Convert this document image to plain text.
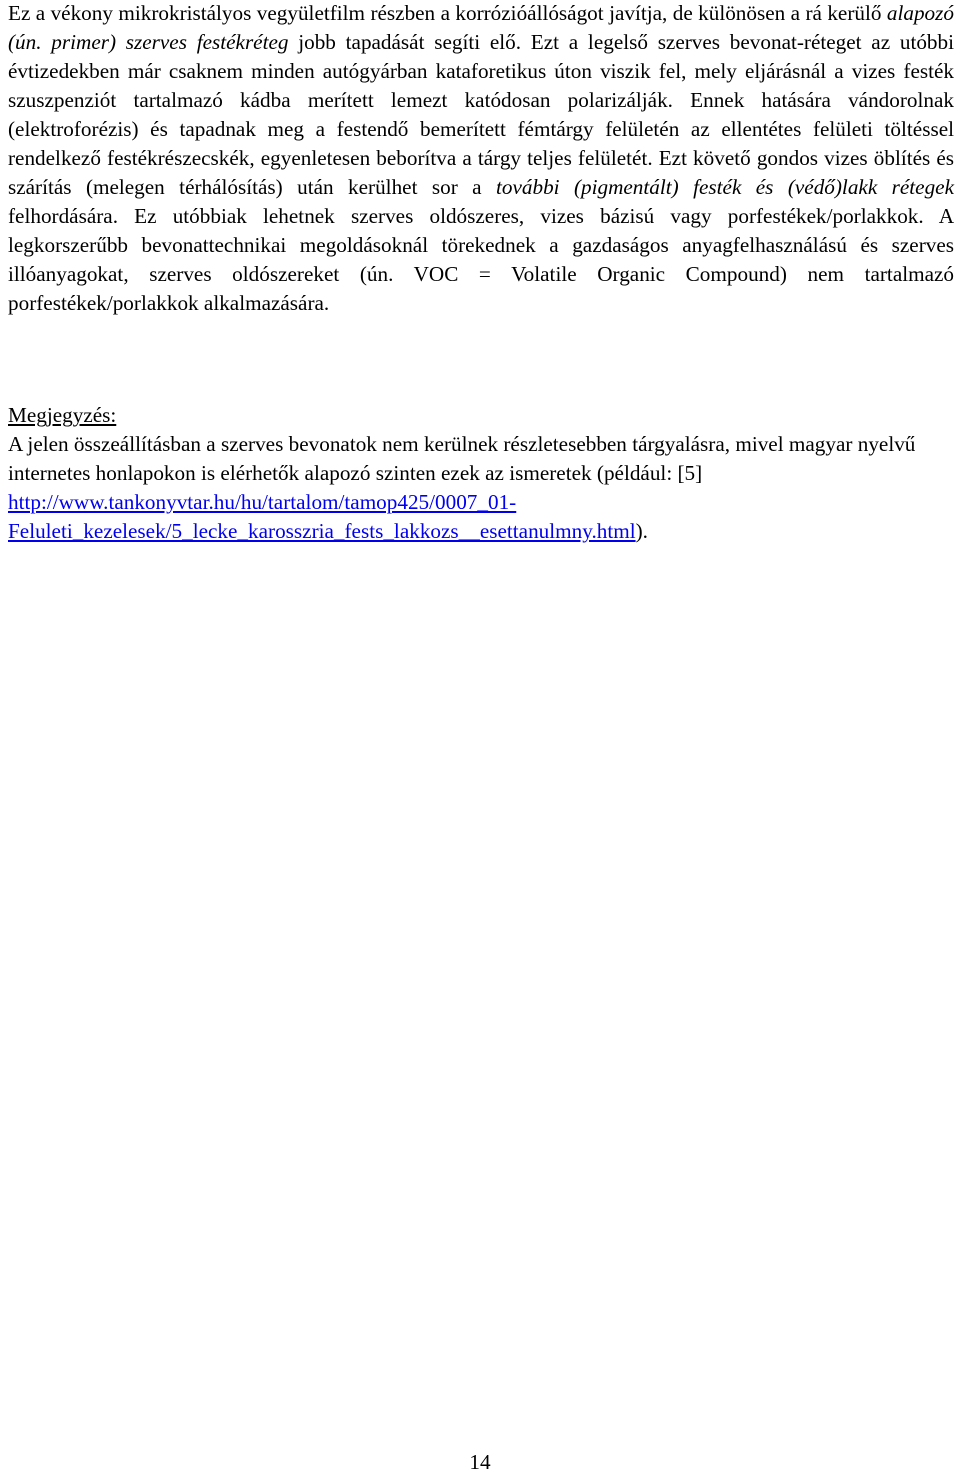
Ez a vékony mikrokristályos vegyületfilm részben a korrózióállóságot javítja, de különösen a rá kerülő alapozó (ún. primer) szerves festékréteg jobb tapadását segíti elő. Ezt a legelső szerves bevonat-réteget az utóbbi évtizedekben már csaknem minden autógyárban kataforetikus úton viszik fel, mely eljárásnál a vizes festék szuszpenziót tartalmazó kádba merített lemezt katódosan polarizálják. Ennek hatására vándorolnak (elektroforézis) és tapadnak meg a festendő bemerített fémtárgy felületén az ellentétes felületi töltéssel rendelkező festékrészecskék, egyenletesen beborítva a tárgy teljes felületét. Ezt követő gondos vizes öblítés és szárítás (melegen térhálósítás) után kerülhet sor a további (pigmentált) festék és (védő)lakk rétegek felhordására. Ez utóbbiak lehetnek szerves oldószeres, vizes bázisú vagy porfestékek/porlakkok. A legkorszerűbb bevonattechnikai megoldásoknál törekednek a gazdaságos anyagfelhasználású és szerves illóanyagokat, szerves oldószereket (ún. VOC = Volatile Organic Compound) nem tartalmazó porfestékek/porlakkok alkalmazására.

Megjegyzés:

A jelen összeállításban a szerves bevonatok nem kerülnek részletesebben tárgyalásra, mivel magyar nyelvű internetes honlapokon is elérhetők alapozó szinten ezek az ismeretek (például: [5] http://www.tankonyvtar.hu/hu/tartalom/tamop425/0007_01-
Feluleti_kezelesek/5_lecke_karosszria_fests_lakkozs__esettanulmny.html).

14
